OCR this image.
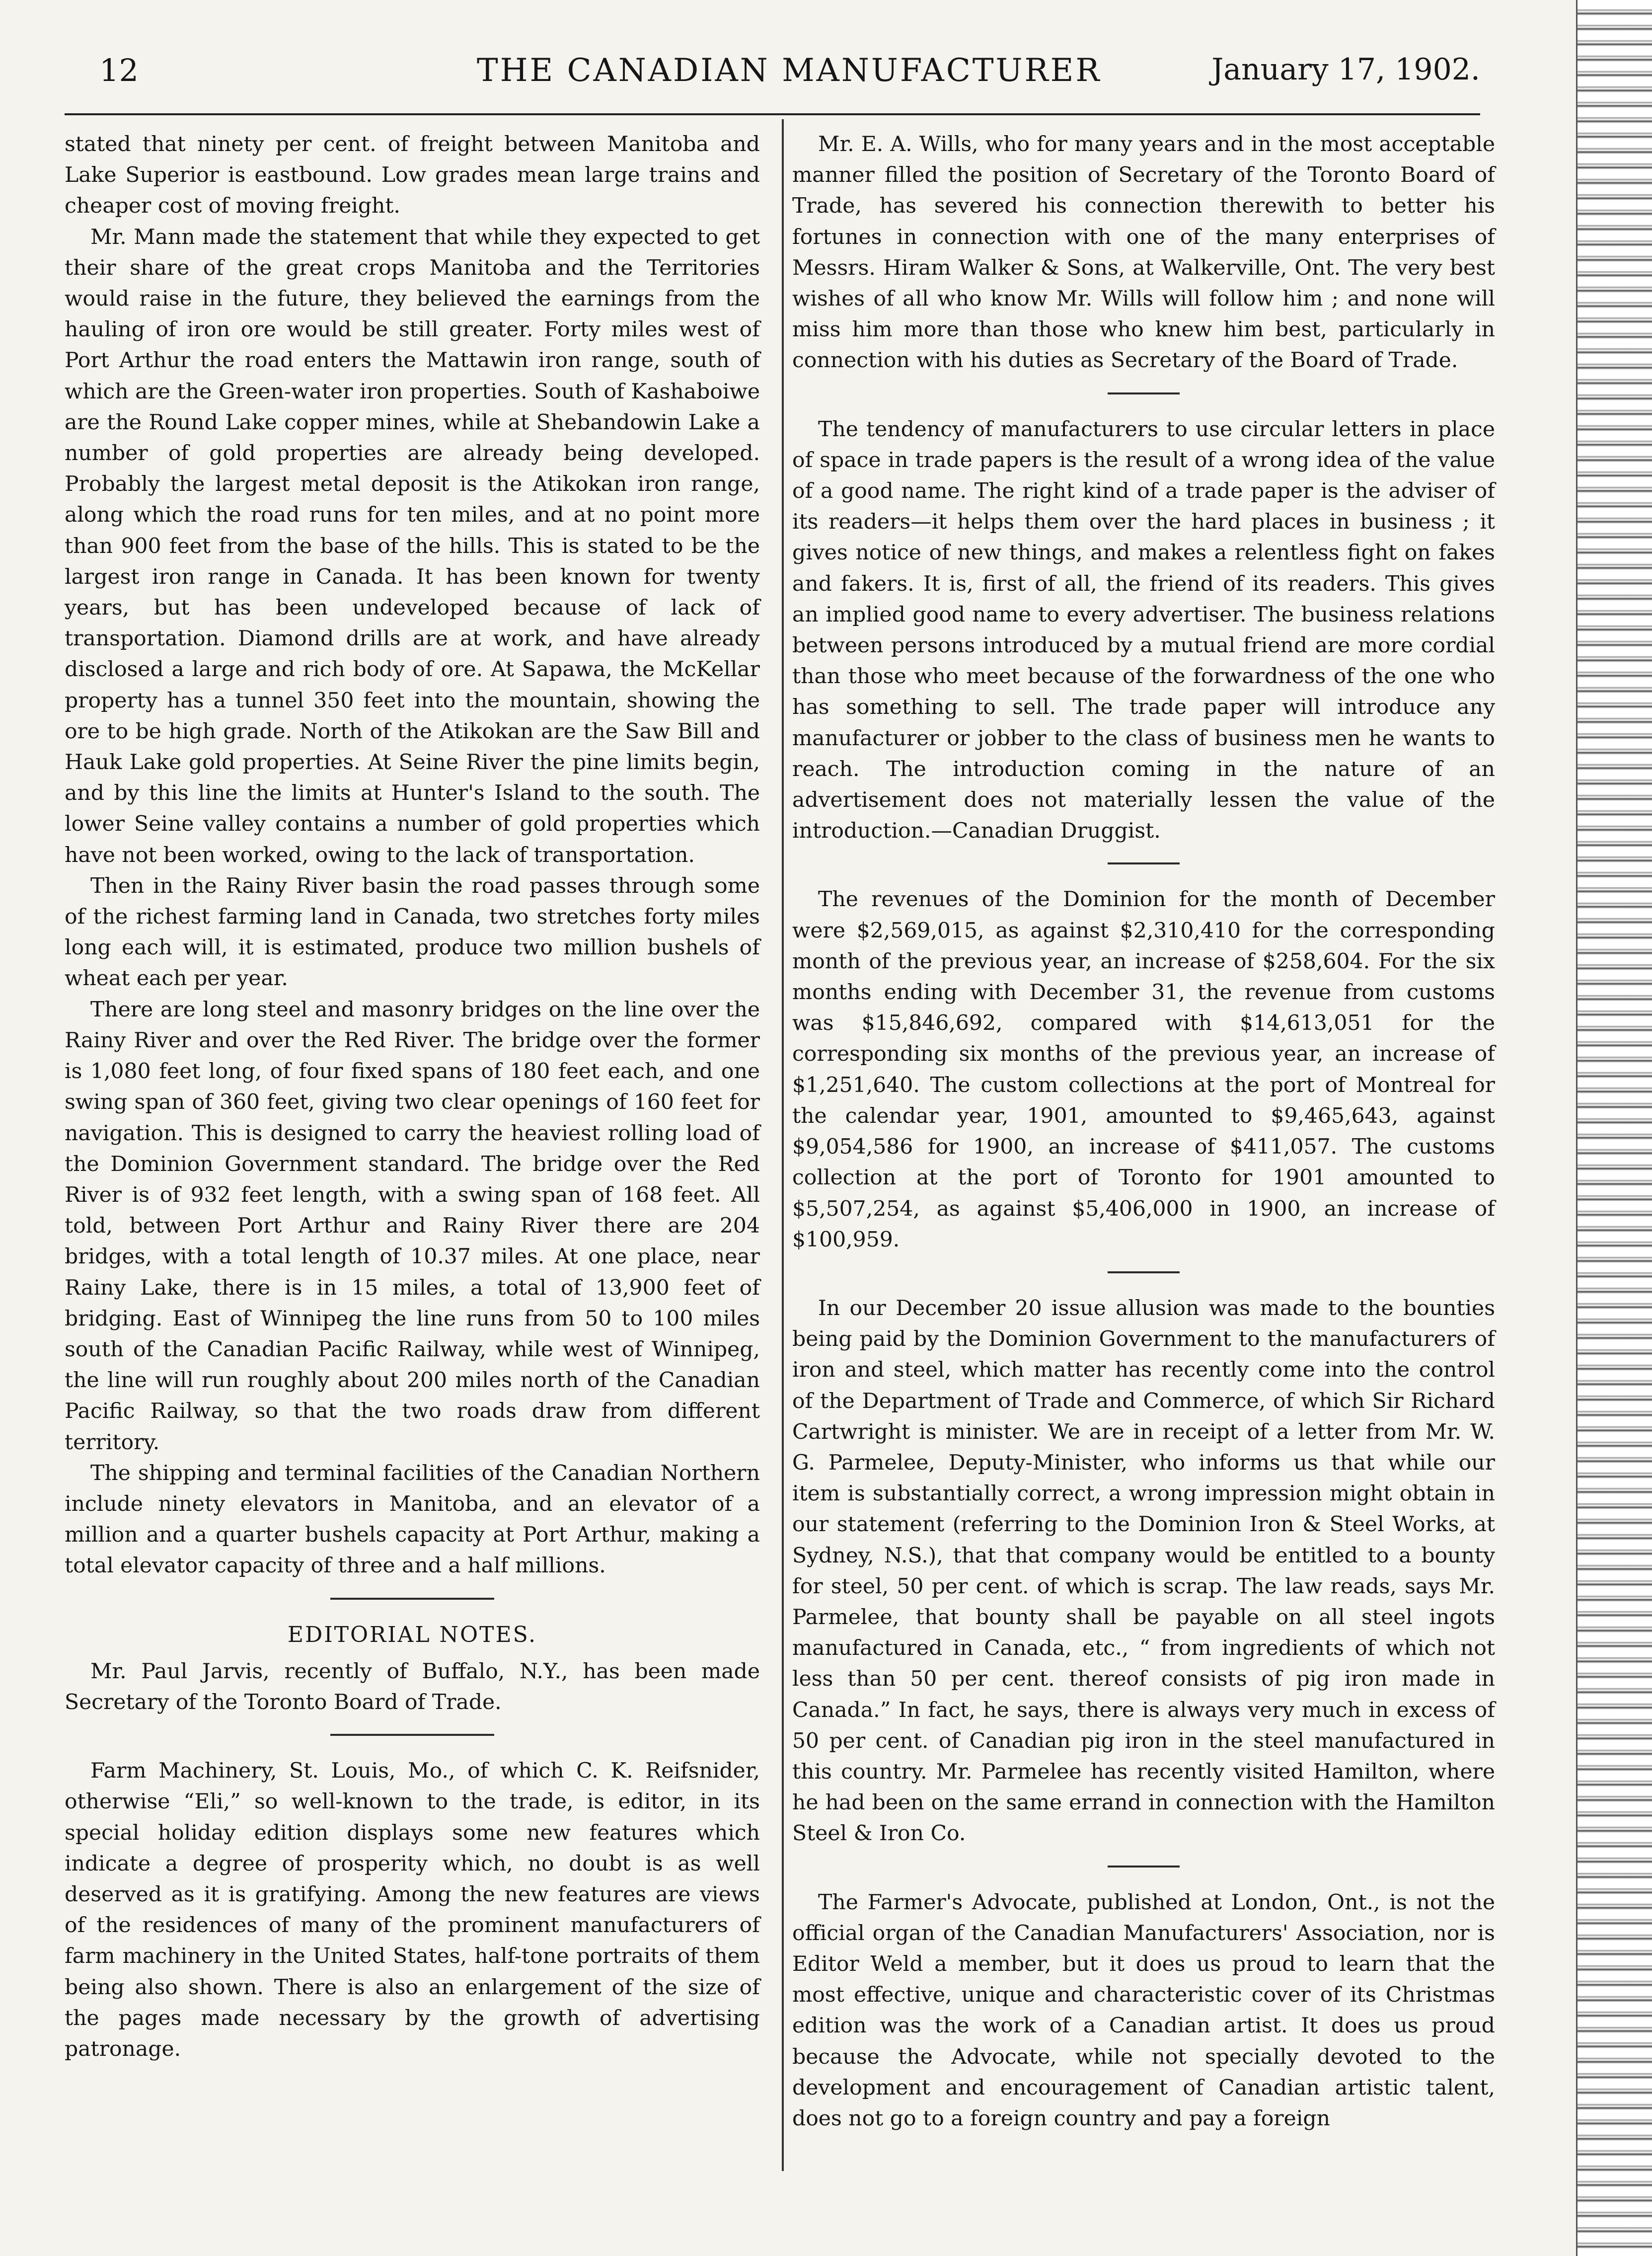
12	THE CANADIAN MANUFACTURER	January 17, 1902.

stated that ninety per cent. of freight between Manitoba and Lake Superior is eastbound. Low grades mean large trains and cheaper cost of moving freight.

Mr. Mann made the statement that while they expected to get their share of the great crops Manitoba and the Territories would raise in the future, they believed the earnings from the hauling of iron ore would be still greater. Forty miles west of Port Arthur the road enters the Mattawin iron range, south of which are the Green-water iron properties. South of Kashaboiwe are the Round Lake copper mines, while at Shebandowin Lake a number of gold properties are already being developed. Probably the largest metal deposit is the Atikokan iron range, along which the road runs for ten miles, and at no point more than 900 feet from the base of the hills. This is stated to be the largest iron range in Canada. It has been known for twenty years, but has been undeveloped because of lack of transportation. Diamond drills are at work, and have already disclosed a large and rich body of ore. At Sapawa, the McKellar property has a tunnel 350 feet into the mountain, showing the ore to be high grade. North of the Atikokan are the Saw Bill and Hauk Lake gold properties. At Seine River the pine limits begin, and by this line the limits at Hunter's Island to the south. The lower Seine valley contains a number of gold properties which have not been worked, owing to the lack of transportation.

Then in the Rainy River basin the road passes through some of the richest farming land in Canada, two stretches forty miles long each will, it is estimated, produce two million bushels of wheat each per year.

There are long steel and masonry bridges on the line over the Rainy River and over the Red River. The bridge over the former is 1,080 feet long, of four fixed spans of 180 feet each, and one swing span of 360 feet, giving two clear openings of 160 feet for navigation. This is designed to carry the heaviest rolling load of the Dominion Government standard. The bridge over the Red River is of 932 feet length, with a swing span of 168 feet. All told, between Port Arthur and Rainy River there are 204 bridges, with a total length of 10.37 miles. At one place, near Rainy Lake, there is in 15 miles, a total of 13,900 feet of bridging. East of Winnipeg the line runs from 50 to 100 miles south of the Canadian Pacific Railway, while west of Winnipeg, the line will run roughly about 200 miles north of the Canadian Pacific Railway, so that the two roads draw from different territory.

The shipping and terminal facilities of the Canadian Northern include ninety elevators in Manitoba, and an elevator of a million and a quarter bushels capacity at Port Arthur, making a total elevator capacity of three and a half millions.

EDITORIAL NOTES.

Mr. Paul Jarvis, recently of Buffalo, N.Y., has been made Secretary of the Toronto Board of Trade.

Farm Machinery, St. Louis, Mo., of which C. K. Reifsnider, otherwise “Eli,” so well-known to the trade, is editor, in its special holiday edition displays some new features which indicate a degree of prosperity which, no doubt is as well deserved as it is gratifying. Among the new features are views of the residences of many of the prominent manufacturers of farm machinery in the United States, half-tone portraits of them being also shown. There is also an enlargement of the size of the pages made necessary by the growth of advertising patronage.

Mr. E. A. Wills, who for many years and in the most acceptable manner filled the position of Secretary of the Toronto Board of Trade, has severed his connection therewith to better his fortunes in connection with one of the many enterprises of Messrs. Hiram Walker & Sons, at Walkerville, Ont. The very best wishes of all who know Mr. Wills will follow him ; and none will miss him more than those who knew him best, particularly in connection with his duties as Secretary of the Board of Trade.

The tendency of manufacturers to use circular letters in place of space in trade papers is the result of a wrong idea of the value of a good name. The right kind of a trade paper is the adviser of its readers—it helps them over the hard places in business ; it gives notice of new things, and makes a relentless fight on fakes and fakers. It is, first of all, the friend of its readers. This gives an implied good name to every advertiser. The business relations between persons introduced by a mutual friend are more cordial than those who meet because of the forwardness of the one who has something to sell. The trade paper will introduce any manufacturer or jobber to the class of business men he wants to reach. The introduction coming in the nature of an advertisement does not materially lessen the value of the introduction.—Canadian Druggist.

The revenues of the Dominion for the month of December were $2,569,015, as against $2,310,410 for the corresponding month of the previous year, an increase of $258,604. For the six months ending with December 31, the revenue from customs was $15,846,692, compared with $14,613,051 for the corresponding six months of the previous year, an increase of $1,251,640. The custom collections at the port of Montreal for the calendar year, 1901, amounted to $9,465,643, against $9,054,586 for 1900, an increase of $411,057. The customs collection at the port of Toronto for 1901 amounted to $5,507,254, as against $5,406,000 in 1900, an increase of $100,959.

In our December 20 issue allusion was made to the bounties being paid by the Dominion Government to the manufacturers of iron and steel, which matter has recently come into the control of the Department of Trade and Commerce, of which Sir Richard Cartwright is minister. We are in receipt of a letter from Mr. W. G. Parmelee, Deputy-Minister, who informs us that while our item is substantially correct, a wrong impression might obtain in our statement (referring to the Dominion Iron & Steel Works, at Sydney, N.S.), that that company would be entitled to a bounty for steel, 50 per cent. of which is scrap. The law reads, says Mr. Parmelee, that bounty shall be payable on all steel ingots manufactured in Canada, etc., “ from ingredients of which not less than 50 per cent. thereof consists of pig iron made in Canada.” In fact, he says, there is always very much in excess of 50 per cent. of Canadian pig iron in the steel manufactured in this country. Mr. Parmelee has recently visited Hamilton, where he had been on the same errand in connection with the Hamilton Steel & Iron Co.

The Farmer's Advocate, published at London, Ont., is not the official organ of the Canadian Manufacturers' Association, nor is Editor Weld a member, but it does us proud to learn that the most effective, unique and characteristic cover of its Christmas edition was the work of a Canadian artist. It does us proud because the Advocate, while not specially devoted to the development and encouragement of Canadian artistic talent, does not go to a foreign country and pay a foreign
